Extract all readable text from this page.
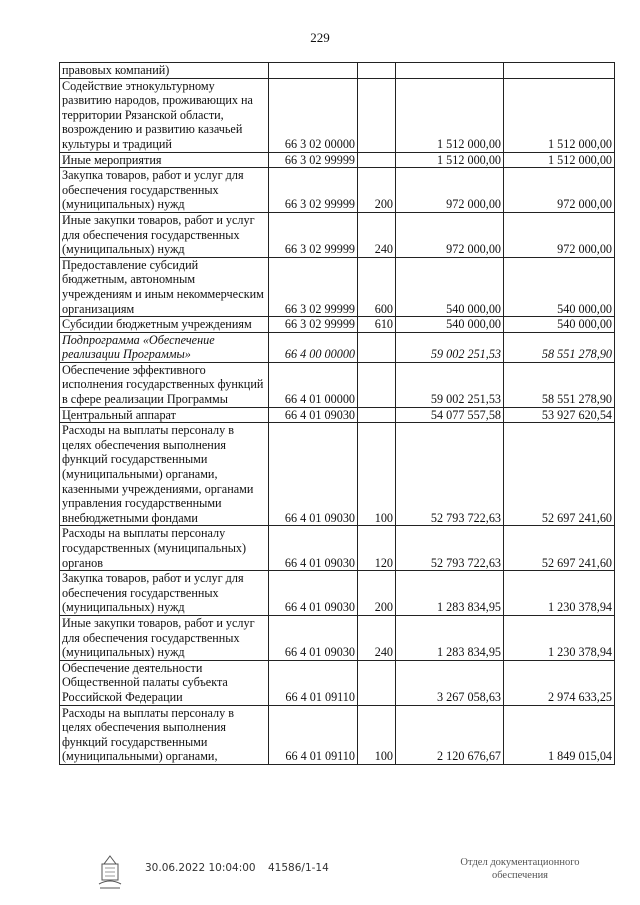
229
правовых компаний)				
Содействие этнокультурному развитию народов, проживающих на территории Рязанской области, возрождению и развитию казачьей культуры и традиций	66 3 02 00000		1 512 000,00	1 512 000,00
Иные мероприятия	66 3 02 99999		1 512 000,00	1 512 000,00
Закупка товаров, работ и услуг для обеспечения государственных (муниципальных) нужд	66 3 02 99999	200	972 000,00	972 000,00
Иные закупки товаров, работ и услуг для обеспечения государственных (муниципальных) нужд	66 3 02 99999	240	972 000,00	972 000,00
Предоставление субсидий бюджетным, автономным учреждениям и иным некоммерческим организациям	66 3 02 99999	600	540 000,00	540 000,00
Субсидии бюджетным учреждениям	66 3 02 99999	610	540 000,00	540 000,00
Подпрограмма «Обеспечение реализации Программы»	66 4 00 00000		59 002 251,53	58 551 278,90
Обеспечение эффективного исполнения государственных функций в сфере реализации Программы	66 4 01 00000		59 002 251,53	58 551 278,90
Центральный аппарат	66 4 01 09030		54 077 557,58	53 927 620,54
Расходы на выплаты персоналу в целях обеспечения выполнения функций государственными (муниципальными) органами, казенными учреждениями, органами управления государственными внебюджетными фондами	66 4 01 09030	100	52 793 722,63	52 697 241,60
Расходы на выплаты персоналу государственных (муниципальных) органов	66 4 01 09030	120	52 793 722,63	52 697 241,60
Закупка товаров, работ и услуг для обеспечения государственных (муниципальных) нужд	66 4 01 09030	200	1 283 834,95	1 230 378,94
Иные закупки товаров, работ и услуг для обеспечения государственных (муниципальных) нужд	66 4 01 09030	240	1 283 834,95	1 230 378,94
Обеспечение деятельности Общественной палаты субъекта Российской Федерации	66 4 01 09110		3 267 058,63	2 974 633,25
Расходы на выплаты персоналу в целях обеспечения выполнения функций государственными (муниципальными) органами,	66 4 01 09110	100	2 120 676,67	1 849 015,04
30.06.2022 10:04:00 41586/1-14	Отдел документационного
обеспечения
